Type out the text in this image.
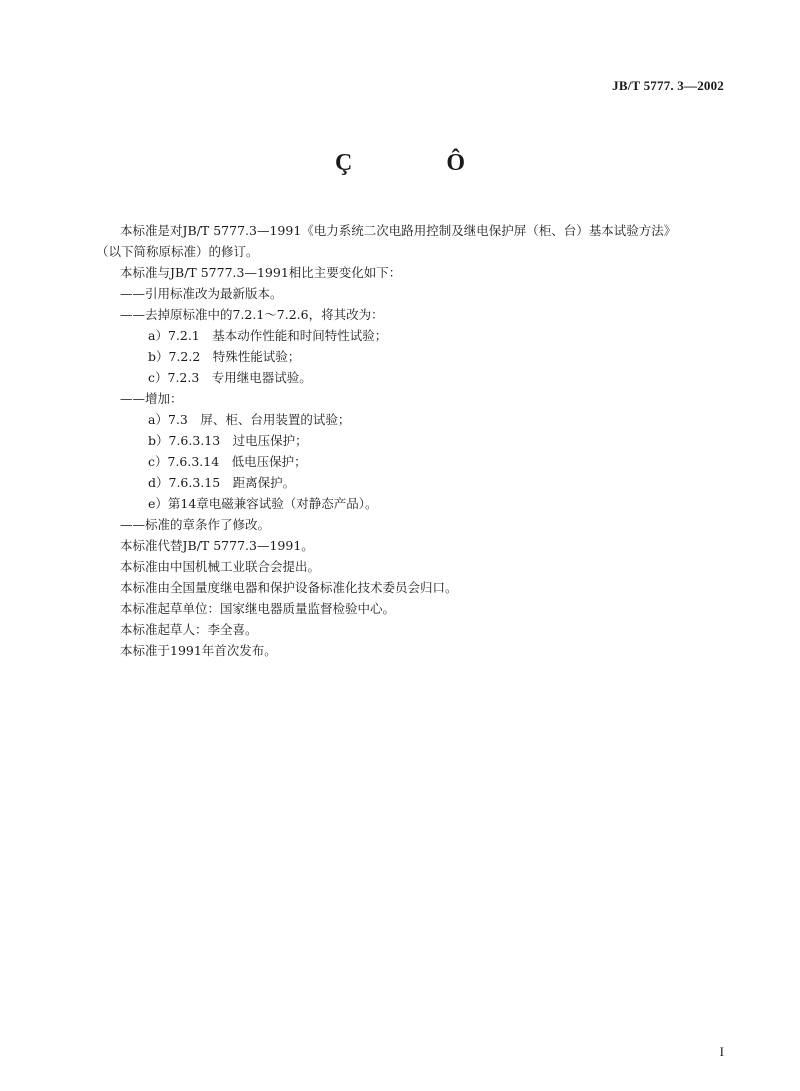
JB/T 5777. 3—2002
Ç Ô
本标准是对JB/T 5777.3—1991《电力系统二次电路用控制及继电保护屏（柜、台）基本试验方法》
（以下简称原标准）的修订。
本标准与JB/T 5777.3—1991相比主要变化如下：
——引用标准改为最新版本。
——去掉原标准中的7.2.1～7.2.6，将其改为：
a）7.2.1　基本动作性能和时间特性试验；
b）7.2.2　特殊性能试验；
c）7.2.3　专用继电器试验。
——增加：
a）7.3　屏、柜、台用装置的试验；
b）7.6.3.13　过电压保护；
c）7.6.3.14　低电压保护；
d）7.6.3.15　距离保护。
e）第14章电磁兼容试验（对静态产品）。
——标准的章条作了修改。
本标准代替JB/T 5777.3—1991。
本标准由中国机械工业联合会提出。
本标准由全国量度继电器和保护设备标准化技术委员会归口。
本标准起草单位：国家继电器质量监督检验中心。
本标准起草人：李全喜。
本标准于1991年首次发布。
I
